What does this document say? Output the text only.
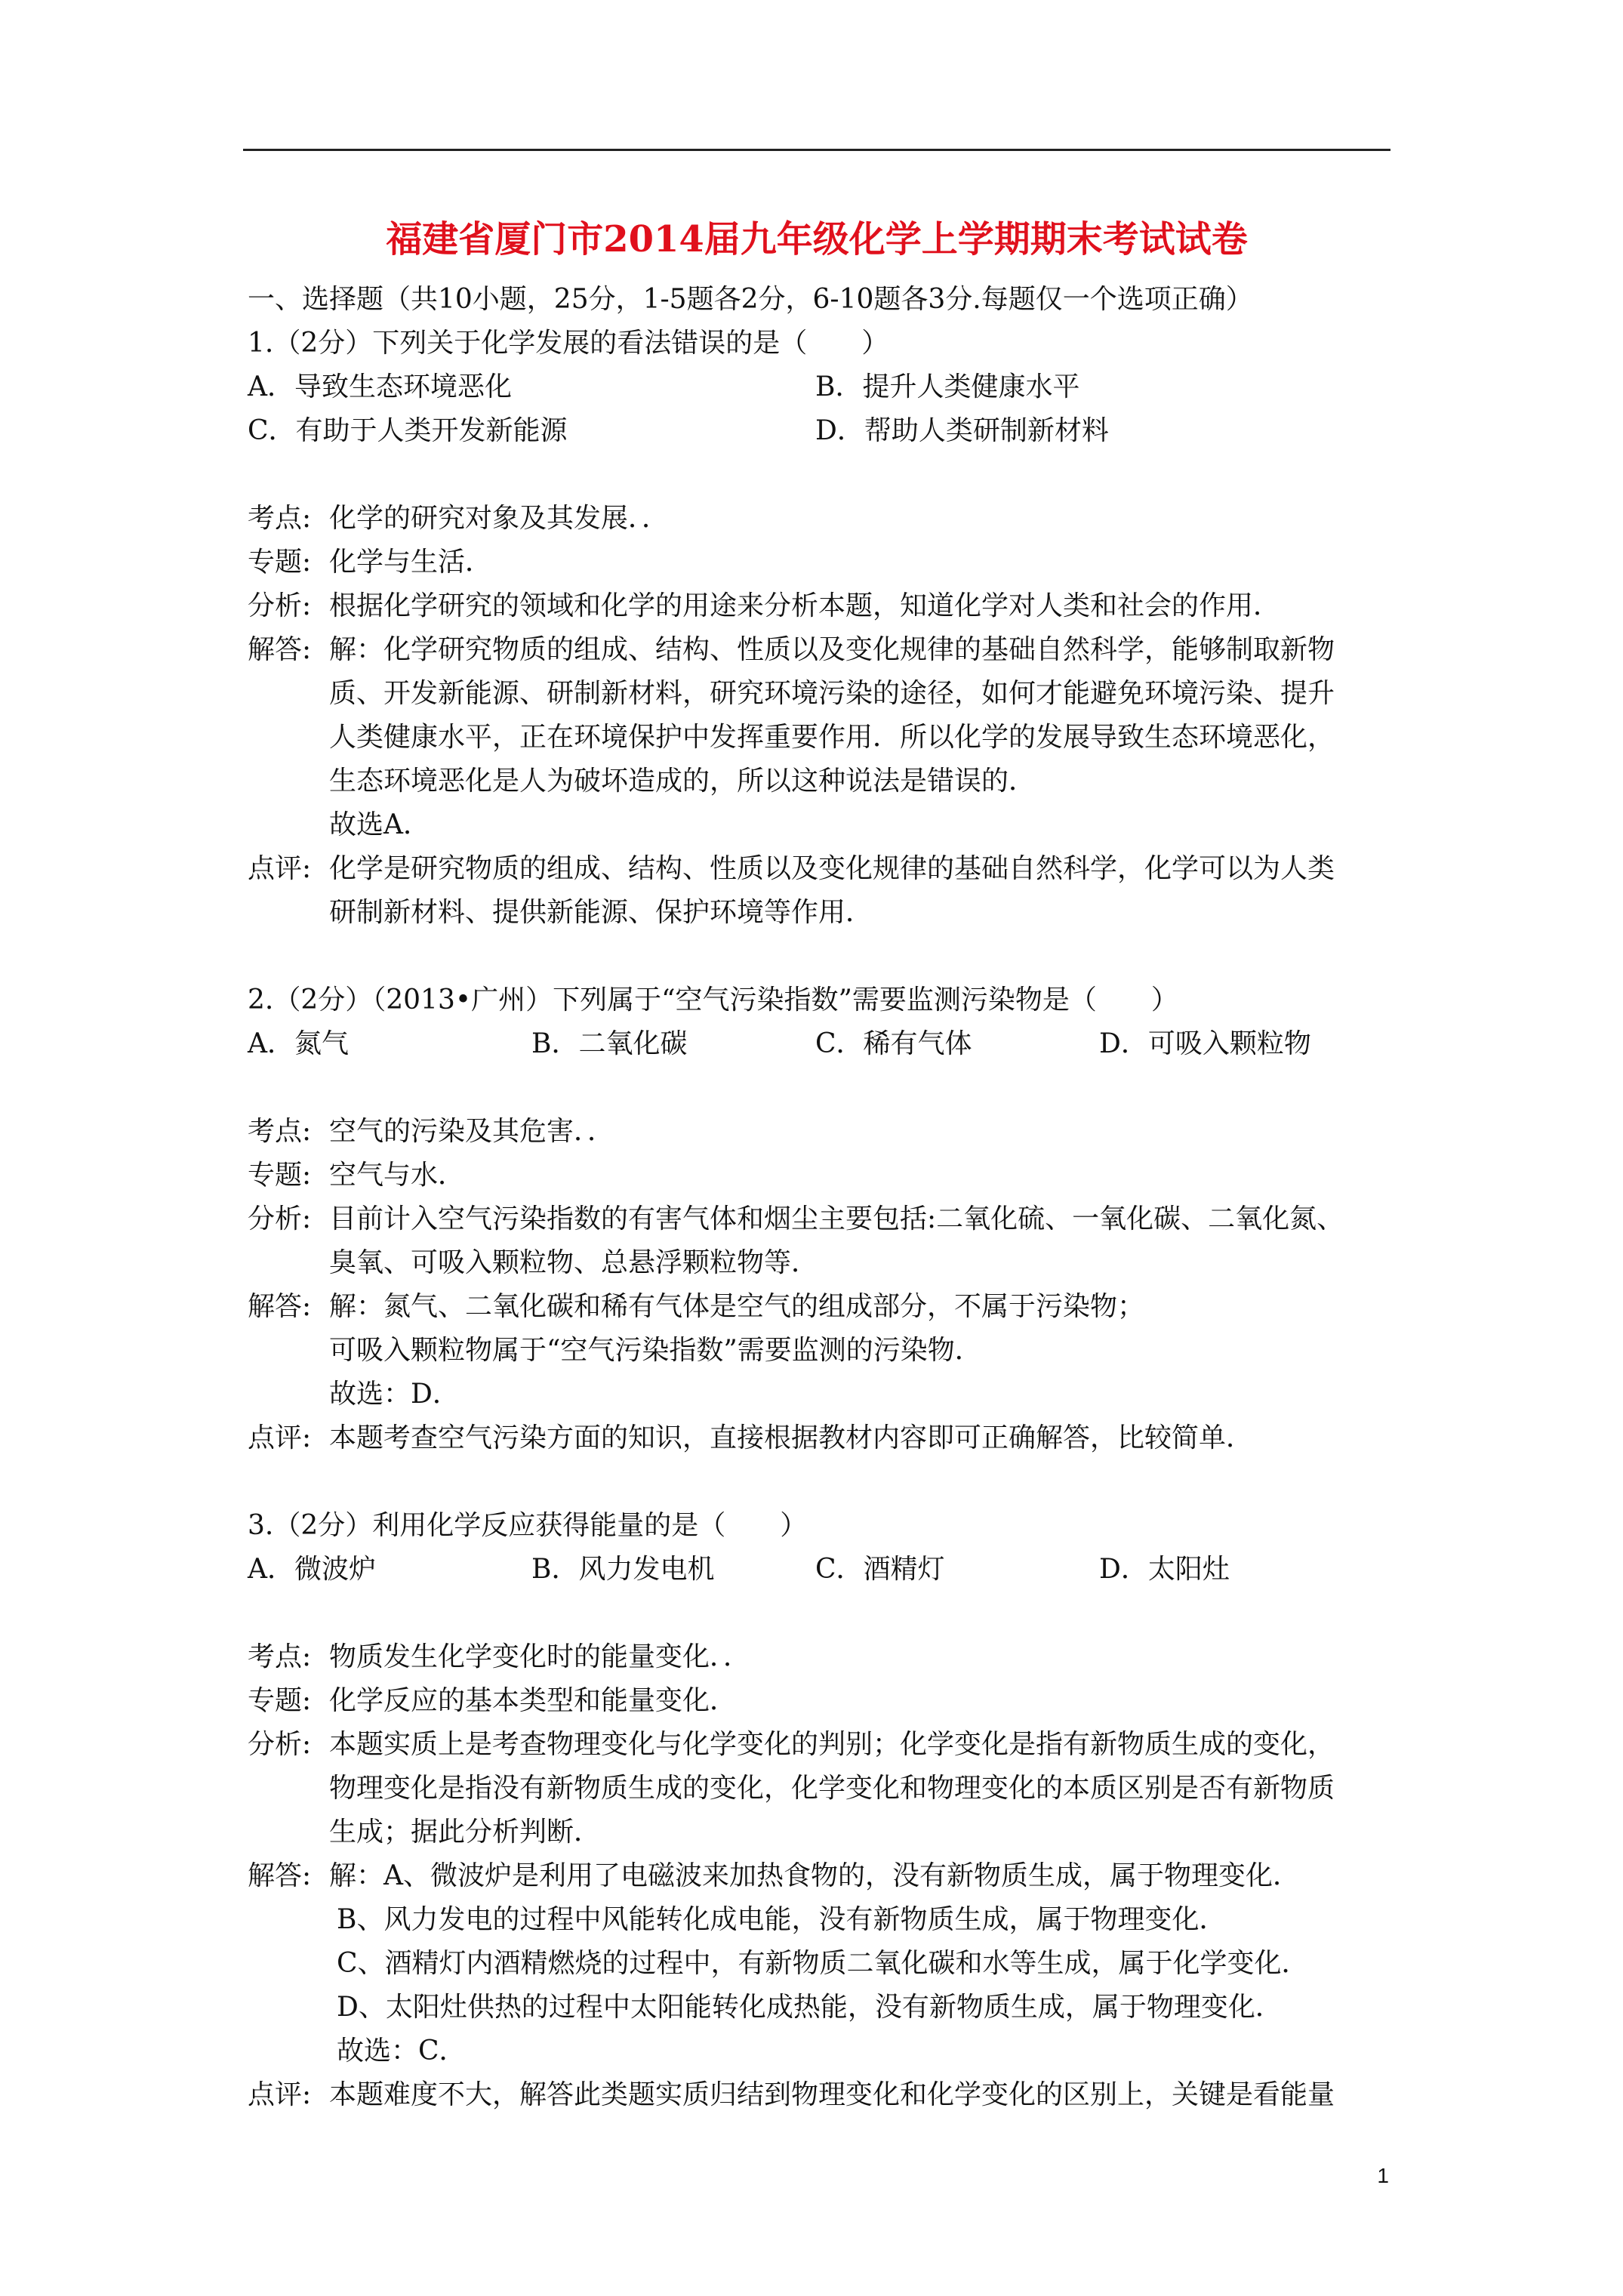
福建省厦门市2014届九年级化学上学期期末考试试卷
一、选择题（共10小题，25分，1-5题各2分，6-10题各3分.每题仅一个选项正确）
1.（2分）下列关于化学发展的看法错误的是（　　）
A．导致生态环境恶化	B．提升人类健康水平
C．有助于人类开发新能源	D．帮助人类研制新材料
考点: 化学的研究对象及其发展．．
专题: 化学与生活．
分析: 根据化学研究的领域和化学的用途来分析本题，知道化学对人类和社会的作用．
解答: 解：化学研究物质的组成、结构、性质以及变化规律的基础自然科学，能够制取新物
质、开发新能源、研制新材料，研究环境污染的途径，如何才能避免环境污染、提升
人类健康水平，正在环境保护中发挥重要作用．所以化学的发展导致生态环境恶化，
生态环境恶化是人为破坏造成的，所以这种说法是错误的．
故选A．
点评: 化学是研究物质的组成、结构、性质以及变化规律的基础自然科学，化学可以为人类
研制新材料、提供新能源、保护环境等作用．
2.（2分）（2013•广州）下列属于“空气污染指数”需要监测污染物是（　　）
A．氮气	B．二氧化碳	C．稀有气体	D．可吸入颗粒物
考点: 空气的污染及其危害．．
专题: 空气与水．
分析: 目前计入空气污染指数的有害气体和烟尘主要包括:二氧化硫、一氧化碳、二氧化氮、
臭氧、可吸入颗粒物、总悬浮颗粒物等．
解答: 解：氮气、二氧化碳和稀有气体是空气的组成部分，不属于污染物；
可吸入颗粒物属于“空气污染指数”需要监测的污染物．
故选：D．
点评: 本题考查空气污染方面的知识，直接根据教材内容即可正确解答，比较简单．
3.（2分）利用化学反应获得能量的是（　　）
A．微波炉	B．风力发电机	C．酒精灯	D．太阳灶
考点: 物质发生化学变化时的能量变化．．
专题: 化学反应的基本类型和能量变化．
分析: 本题实质上是考查物理变化与化学变化的判别；化学变化是指有新物质生成的变化，
物理变化是指没有新物质生成的变化，化学变化和物理变化的本质区别是否有新物质
生成；据此分析判断．
解答: 解：A、微波炉是利用了电磁波来加热食物的，没有新物质生成，属于物理变化．
B、风力发电的过程中风能转化成电能，没有新物质生成，属于物理变化．
C、酒精灯内酒精燃烧的过程中，有新物质二氧化碳和水等生成，属于化学变化．
D、太阳灶供热的过程中太阳能转化成热能，没有新物质生成，属于物理变化．
故选：C．
点评: 本题难度不大，解答此类题实质归结到物理变化和化学变化的区别上，关键是看能量
1
